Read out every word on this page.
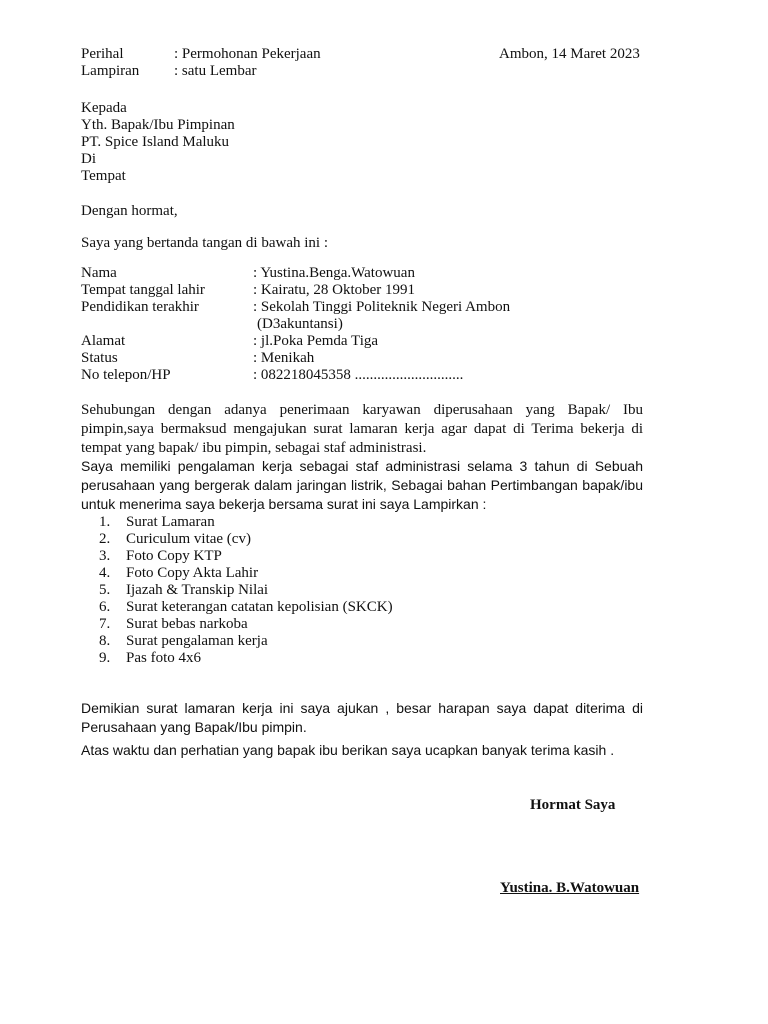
Perihal	: Permohonan Pekerjaan
Lampiran : satu Lembar
Ambon, 14 Maret 2023
Kepada
Yth. Bapak/Ibu Pimpinan
PT. Spice Island Maluku
Di
Tempat
Dengan hormat,
Saya yang bertanda tangan di bawah ini :
Nama	: Yustina.Benga.Watowuan
Tempat tanggal lahir	: Kairatu, 28 Oktober 1991
Pendidikan terakhir	: Sekolah Tinggi Politeknik Negeri Ambon
(D3akuntansi)
Alamat	: jl.Poka Pemda Tiga
Status	: Menikah
No telepon/HP	: 082218045358 .............................
Sehubungan dengan adanya penerimaan karyawan diperusahaan yang Bapak/ Ibu pimpin,saya bermaksud mengajukan surat lamaran kerja agar dapat di Terima bekerja di tempat yang bapak/ ibu pimpin, sebagai staf administrasi.
Saya memiliki pengalaman kerja sebagai staf administrasi selama 3 tahun di Sebuah perusahaan yang bergerak dalam jaringan listrik, Sebagai bahan Pertimbangan bapak/ibu untuk menerima saya bekerja bersama surat ini saya Lampirkan :
1. Surat Lamaran
2. Curiculum vitae (cv)
3. Foto Copy KTP
4. Foto Copy Akta Lahir
5. Ijazah & Transkip Nilai
6. Surat keterangan catatan kepolisian (SKCK)
7. Surat bebas narkoba
8. Surat pengalaman kerja
9. Pas foto 4x6
Demikian surat lamaran kerja ini saya ajukan , besar harapan saya dapat diterima di Perusahaan yang Bapak/Ibu pimpin.
Atas waktu dan perhatian yang bapak ibu berikan saya ucapkan banyak terima kasih .
Hormat Saya
Yustina. B.Watowuan
